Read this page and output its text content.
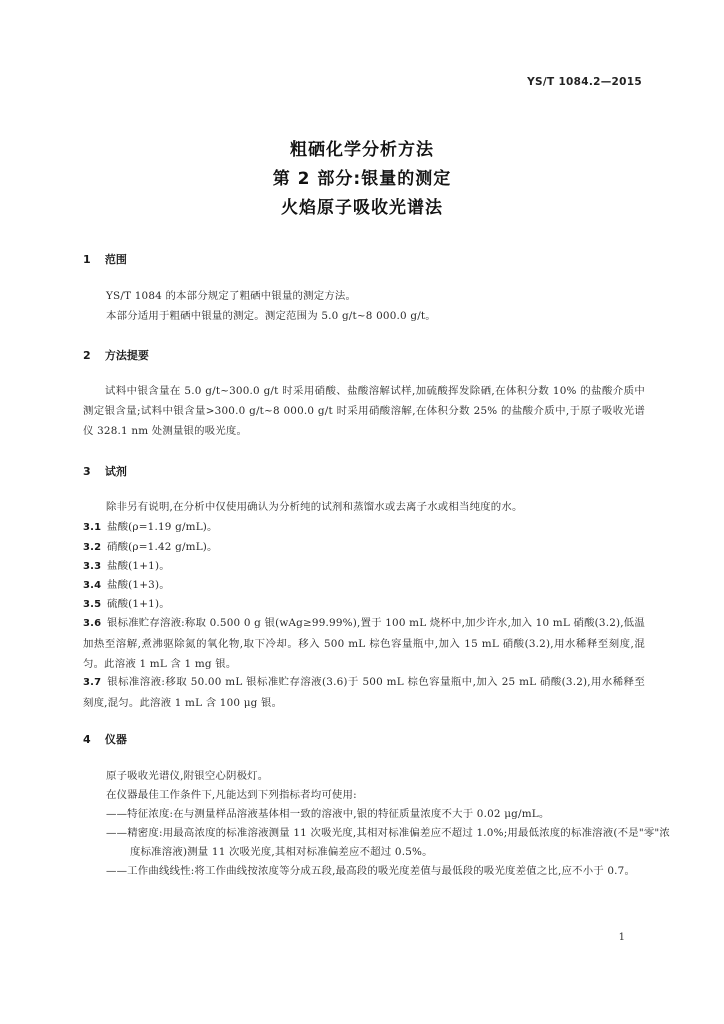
YS/T 1084.2—2015
粗硒化学分析方法
第 2 部分:银量的测定
火焰原子吸收光谱法
1 范围
YS/T 1084 的本部分规定了粗硒中银量的测定方法。
本部分适用于粗硒中银量的测定。测定范围为 5.0 g/t~8 000.0 g/t。
2 方法提要
试料中银含量在 5.0 g/t~300.0 g/t 时采用硝酸、盐酸溶解试样,加硫酸挥发除硒,在体积分数 10% 的盐酸介质中测定银含量;试料中银含量>300.0 g/t~8 000.0 g/t 时采用硝酸溶解,在体积分数 25% 的盐酸介质中,于原子吸收光谱仪 328.1 nm 处测量银的吸光度。
3 试剂
除非另有说明,在分析中仅使用确认为分析纯的试剂和蒸馏水或去离子水或相当纯度的水。
3.1 盐酸(ρ=1.19 g/mL)。
3.2 硝酸(ρ=1.42 g/mL)。
3.3 盐酸(1+1)。
3.4 盐酸(1+3)。
3.5 硫酸(1+1)。
3.6 银标准贮存溶液:称取 0.500 0 g 银(wAg≥99.99%),置于 100 mL 烧杯中,加少许水,加入 10 mL 硝酸(3.2),低温加热至溶解,煮沸驱除氮的氧化物,取下冷却。移入 500 mL 棕色容量瓶中,加入 15 mL 硝酸(3.2),用水稀释至刻度,混匀。此溶液 1 mL 含 1 mg 银。
3.7 银标准溶液:移取 50.00 mL 银标准贮存溶液(3.6)于 500 mL 棕色容量瓶中,加入 25 mL 硝酸(3.2),用水稀释至刻度,混匀。此溶液 1 mL 含 100 μg 银。
4 仪器
原子吸收光谱仪,附银空心阴极灯。
在仪器最佳工作条件下,凡能达到下列指标者均可使用:
——特征浓度:在与测量样品溶液基体相一致的溶液中,银的特征质量浓度不大于 0.02 μg/mL。
——精密度:用最高浓度的标准溶液测量 11 次吸光度,其相对标准偏差应不超过 1.0%;用最低浓度的标准溶液(不是"零"浓度标准溶液)测量 11 次吸光度,其相对标准偏差应不超过 0.5%。
——工作曲线线性:将工作曲线按浓度等分成五段,最高段的吸光度差值与最低段的吸光度差值之比,应不小于 0.7。
1
